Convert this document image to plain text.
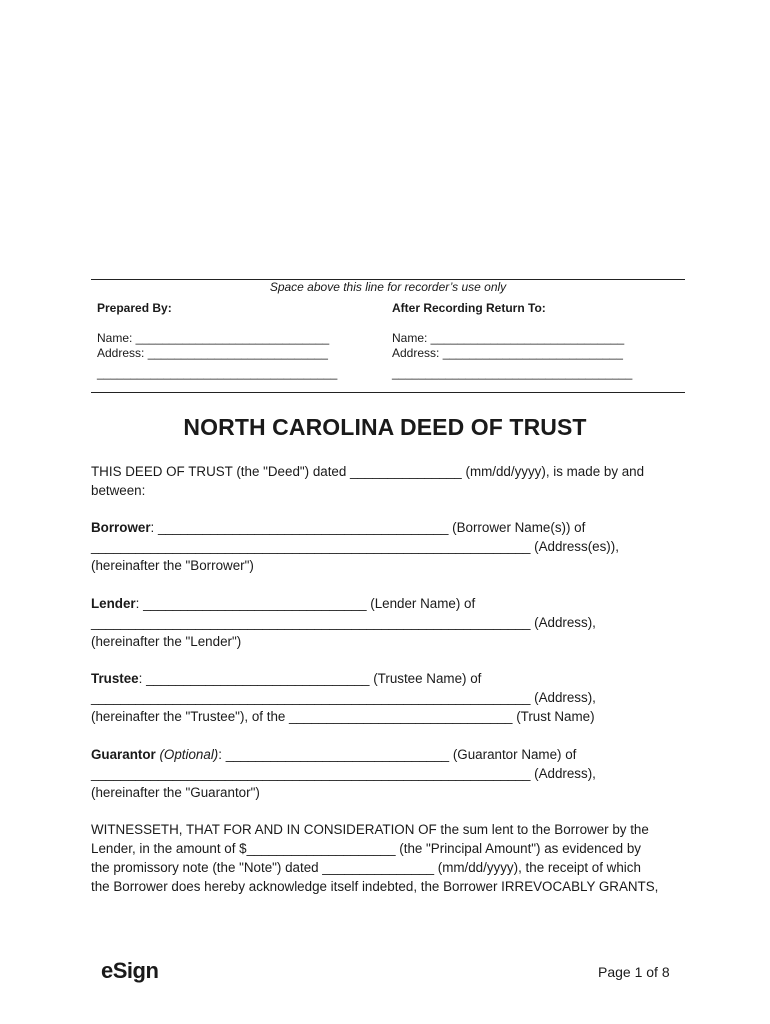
Space above this line for recorder’s use only
Prepared By:
Name: _____________________________
Address: ___________________________
____________________________________
After Recording Return To:
Name: _____________________________
Address: ___________________________
____________________________________
NORTH CAROLINA DEED OF TRUST
THIS DEED OF TRUST (the "Deed") dated _______________ (mm/dd/yyyy), is made by and
between:
Borrower: _______________________________________ (Borrower Name(s)) of
___________________________________________________________ (Address(es)),
(hereinafter the "Borrower")
Lender: ______________________________ (Lender Name) of
___________________________________________________________ (Address),
(hereinafter the "Lender")
Trustee: ______________________________ (Trustee Name) of
___________________________________________________________ (Address),
(hereinafter the "Trustee"), of the ______________________________ (Trust Name)
Guarantor (Optional): ______________________________ (Guarantor Name) of
___________________________________________________________ (Address),
(hereinafter the "Guarantor")
WITNESSETH, THAT FOR AND IN CONSIDERATION OF the sum lent to the Borrower by the
Lender, in the amount of $____________________ (the "Principal Amount") as evidenced by
the promissory note (the "Note") dated _______________ (mm/dd/yyyy), the receipt of which
the Borrower does hereby acknowledge itself indebted, the Borrower IRREVOCABLY GRANTS,
eSign	Page 1 of 8
